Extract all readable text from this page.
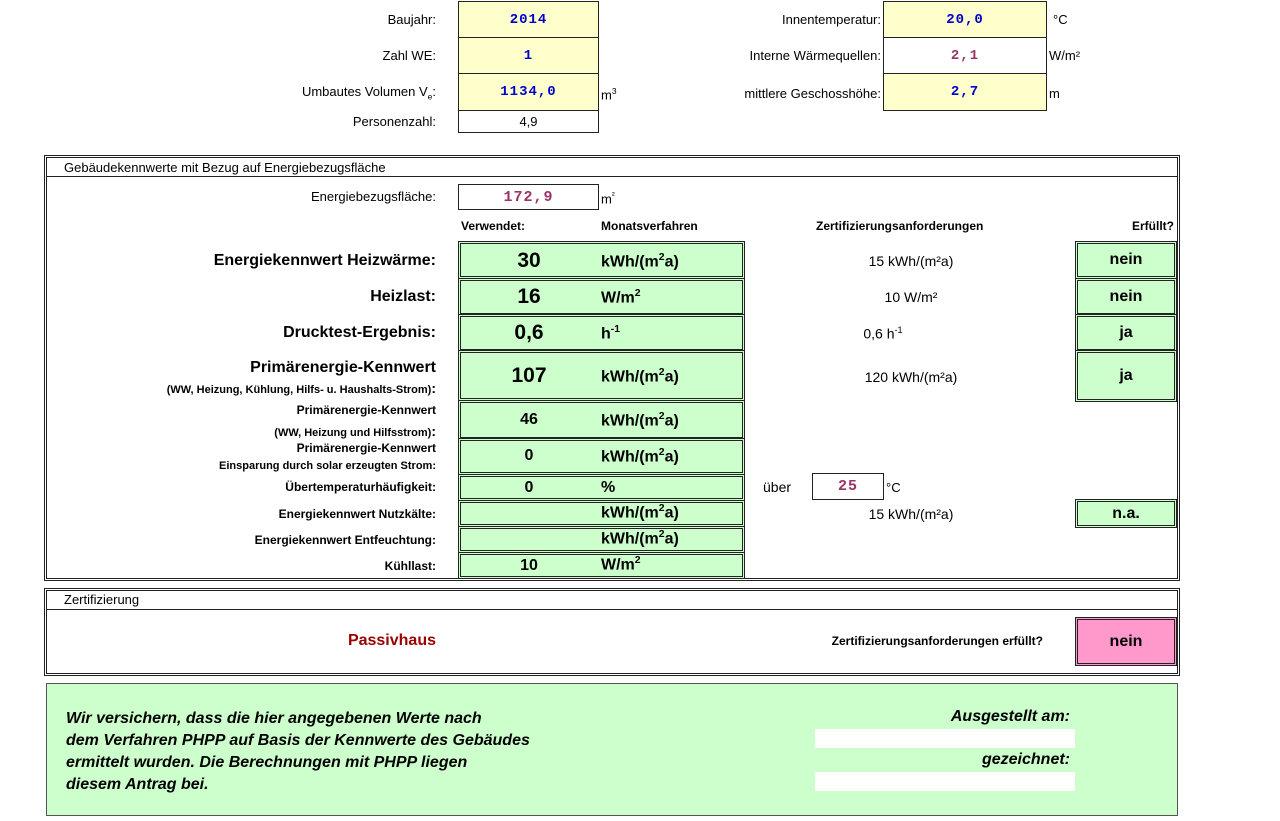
Baujahr:	2014
Zahl WE:	1
Umbautes Volumen $V_e$:	1134,0	$m^3$
Personenzahl:	4,9
Innentemperatur:	20,0	°C
Interne Wärmequellen:	2,1	W/m²
mittlere Geschosshöhe:	2,7	m
Gebäudekennwerte mit Bezug auf Energiebezugsfläche
Energiebezugsfläche:	172,9	$m^{^2}$
Verwendet:	Monatsverfahren	Zertifizierungsanforderungen	Erfüllt?
Energiekennwert Heizwärme:	30	kWh/$(m^2a)$	15 kWh/(m²a)	nein
Heizlast:	16	$W/m^2$	10 W/m²	nein
Drucktest-Ergebnis:	0,6	$h^{-1}$	0,6 $h^{-1}$	ja
Primärenergie-Kennwert
(WW, Heizung, Kühlung, Hilfs- u. Haushalts-Strom):
107	kWh/$(m^2a)$	120 kWh/(m²a)	ja
Primärenergie-Kennwert
(WW, Heizung und Hilfsstrom):
46	kWh/$(m^2a)$
Primärenergie-Kennwert
Einsparung durch solar erzeugten Strom:
0	kWh/$(m^2a)$
Übertemperaturhäufigkeit:	0	%	über	25	°C
Energiekennwert Nutzkälte:	kWh/$(m^2a)$	15 kWh/(m²a)	n.a.
Energiekennwert Entfeuchtung:	kWh/$(m^2a)$
Kühllast:	10	$W/m^2$
Zertifizierung
Passivhaus	Zertifizierungsanforderungen erfüllt?	nein
Wir versichern, dass die hier angegebenen Werte nach
dem Verfahren PHPP auf Basis der Kennwerte des Gebäudes
ermittelt wurden. Die Berechnungen mit PHPP liegen
diesem Antrag bei.
Ausgestellt am:
gezeichnet:
